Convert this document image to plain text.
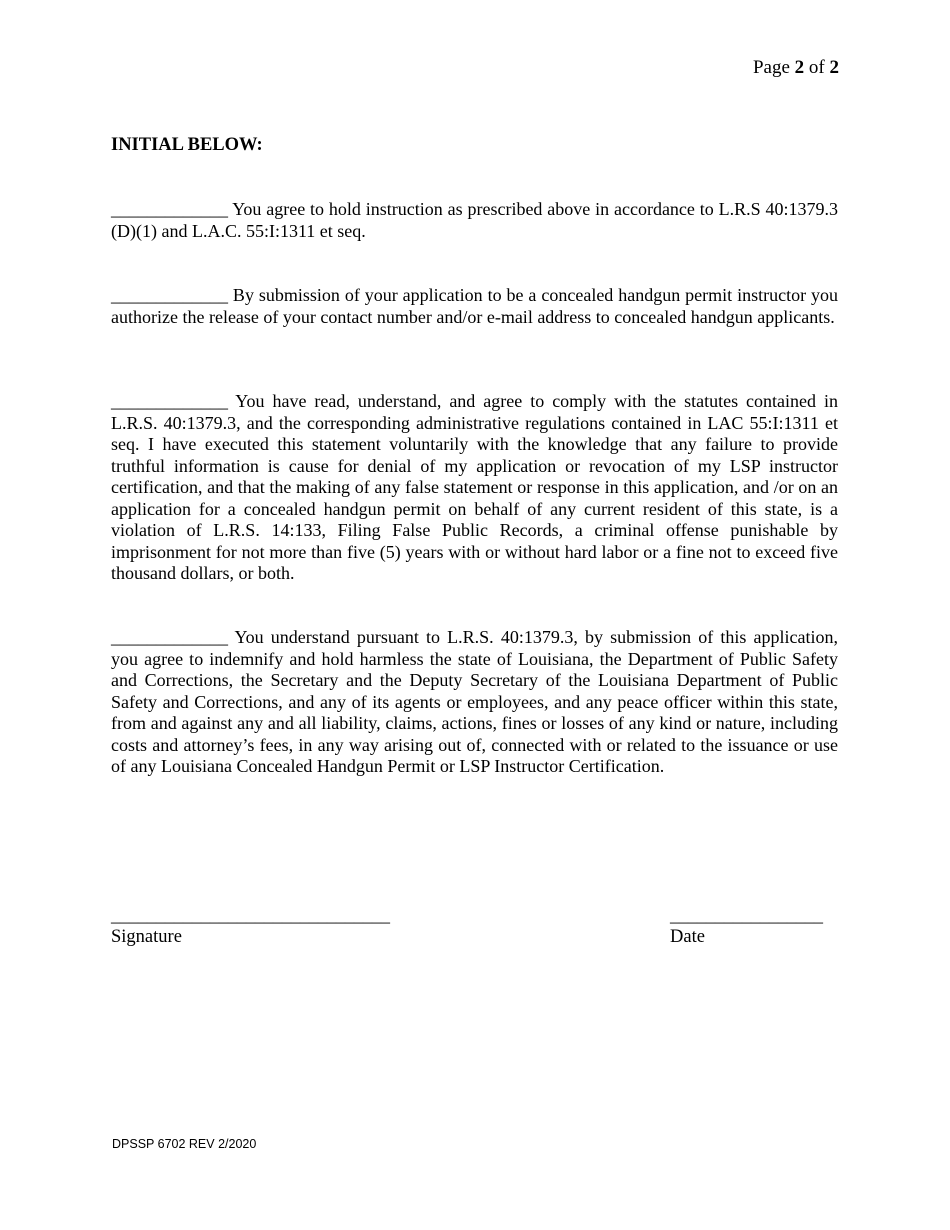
Page 2 of 2
INITIAL BELOW:
_____________ You agree to hold instruction as prescribed above in accordance to L.R.S 40:1379.3 (D)(1) and L.A.C. 55:I:1311 et seq.
_____________ By submission of your application to be a concealed handgun permit instructor you authorize the release of your contact number and/or e-mail address to concealed handgun applicants.
_____________ You have read, understand, and agree to comply with the statutes contained in L.R.S. 40:1379.3, and the corresponding administrative regulations contained in LAC 55:I:1311 et seq. I have executed this statement voluntarily with the knowledge that any failure to provide truthful information is cause for denial of my application or revocation of my LSP instructor certification, and that the making of any false statement or response in this application, and /or on an application for a concealed handgun permit on behalf of any current resident of this state, is a violation of L.R.S. 14:133, Filing False Public Records, a criminal offense punishable by imprisonment for not more than five (5) years with or without hard labor or a fine not to exceed five thousand dollars, or both.
_____________ You understand pursuant to L.R.S. 40:1379.3, by submission of this application, you agree to indemnify and hold harmless the state of Louisiana, the Department of Public Safety and Corrections, the Secretary and the Deputy Secretary of the Louisiana Department of Public Safety and Corrections, and any of its agents or employees, and any peace officer within this state, from and against any and all liability, claims, actions, fines or losses of any kind or nature, including costs and attorney’s fees, in any way arising out of, connected with or related to the issuance or use of any Louisiana Concealed Handgun Permit or LSP Instructor Certification.
_______________________________
Signature
_________________
Date
DPSSP 6702 REV 2/2020
